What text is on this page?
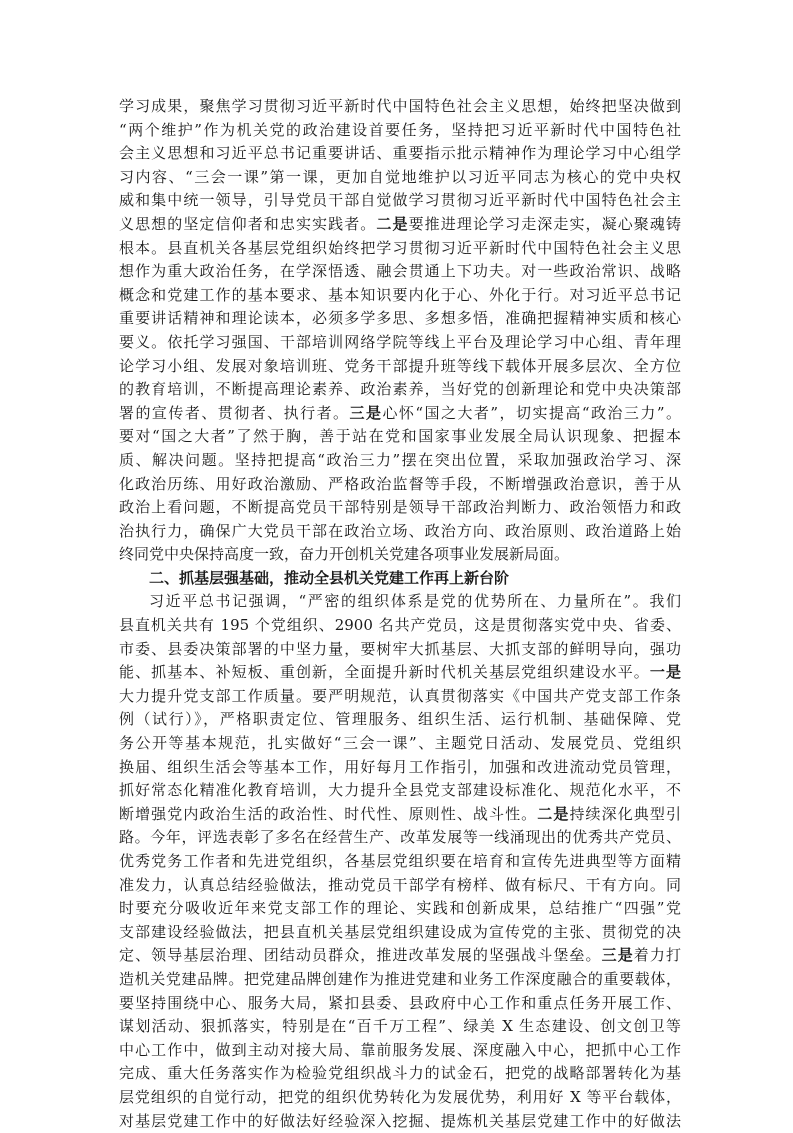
学习成果，聚焦学习贯彻习近平新时代中国特色社会主义思想，始终把坚决做到
“两个维护”作为机关党的政治建设首要任务，坚持把习近平新时代中国特色社
会主义思想和习近平总书记重要讲话、重要指示批示精神作为理论学习中心组学
习内容、“三会一课”第一课，更加自觉地维护以习近平同志为核心的党中央权
威和集中统一领导，引导党员干部自觉做学习贯彻习近平新时代中国特色社会主
义思想的坚定信仰者和忠实实践者。二是要推进理论学习走深走实，凝心聚魂铸
根本。县直机关各基层党组织始终把学习贯彻习近平新时代中国特色社会主义思
想作为重大政治任务，在学深悟透、融会贯通上下功夫。对一些政治常识、战略
概念和党建工作的基本要求、基本知识要内化于心、外化于行。对习近平总书记
重要讲话精神和理论读本，必须多学多思、多想多悟，准确把握精神实质和核心
要义。依托学习强国、干部培训网络学院等线上平台及理论学习中心组、青年理
论学习小组、发展对象培训班、党务干部提升班等线下载体开展多层次、全方位
的教育培训，不断提高理论素养、政治素养，当好党的创新理论和党中央决策部
署的宣传者、贯彻者、执行者。三是心怀“国之大者”，切实提高“政治三力”。
要对“国之大者”了然于胸，善于站在党和国家事业发展全局认识现象、把握本
质、解决问题。坚持把提高“政治三力”摆在突出位置，采取加强政治学习、深
化政治历练、用好政治激励、严格政治监督等手段，不断增强政治意识，善于从
政治上看问题，不断提高党员干部特别是领导干部政治判断力、政治领悟力和政
治执行力，确保广大党员干部在政治立场、政治方向、政治原则、政治道路上始
终同党中央保持高度一致，奋力开创机关党建各项事业发展新局面。
二、抓基层强基础，推动全县机关党建工作再上新台阶
习近平总书记强调，“严密的组织体系是党的优势所在、力量所在”。我们
县直机关共有 195 个党组织、2900 名共产党员，这是贯彻落实党中央、省委、
市委、县委决策部署的中坚力量，要树牢大抓基层、大抓支部的鲜明导向，强功
能、抓基本、补短板、重创新，全面提升新时代机关基层党组织建设水平。一是
大力提升党支部工作质量。要严明规范，认真贯彻落实《中国共产党支部工作条
例（试行）》，严格职责定位、管理服务、组织生活、运行机制、基础保障、党
务公开等基本规范，扎实做好“三会一课”、主题党日活动、发展党员、党组织
换届、组织生活会等基本工作，用好每月工作指引，加强和改进流动党员管理，
抓好常态化精准化教育培训，大力提升全县党支部建设标准化、规范化水平，不
断增强党内政治生活的政治性、时代性、原则性、战斗性。二是持续深化典型引
路。今年，评选表彰了多名在经营生产、改革发展等一线涌现出的优秀共产党员、
优秀党务工作者和先进党组织，各基层党组织要在培育和宣传先进典型等方面精
准发力，认真总结经验做法，推动党员干部学有榜样、做有标尺、干有方向。同
时要充分吸收近年来党支部工作的理论、实践和创新成果，总结推广“四强”党
支部建设经验做法，把县直机关基层党组织建设成为宣传党的主张、贯彻党的决
定、领导基层治理、团结动员群众，推进改革发展的坚强战斗堡垒。三是着力打
造机关党建品牌。把党建品牌创建作为推进党建和业务工作深度融合的重要载体，
要坚持围绕中心、服务大局，紧扣县委、县政府中心工作和重点任务开展工作、
谋划活动、狠抓落实，特别是在“百千万工程”、绿美 X 生态建设、创文创卫等
中心工作中，做到主动对接大局、靠前服务发展、深度融入中心，把抓中心工作
完成、重大任务落实作为检验党组织战斗力的试金石，把党的战略部署转化为基
层党组织的自觉行动，把党的组织优势转化为发展优势，利用好 X 等平台载体，
对基层党建工作中的好做法好经验深入挖掘、提炼机关基层党建工作中的好做法
